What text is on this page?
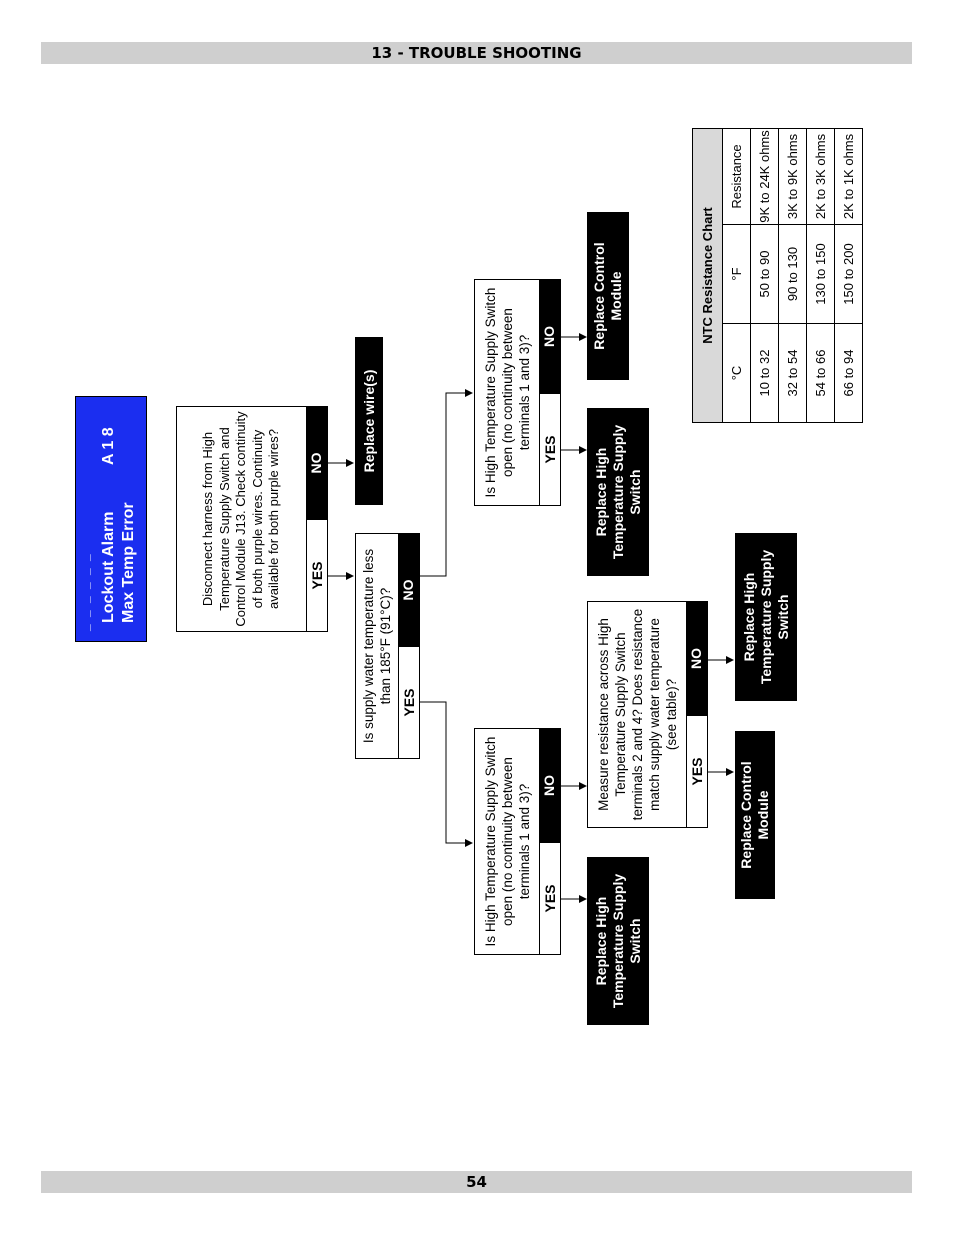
13 - TROUBLE SHOOTING
_ _ _ _ _ _ Lockout Alarm
A 1 8
Max Temp Error	Disconnect harness from High Temperature Supply Switch and Control Module J13. Check continuity of both purple wires. Continuity available for both purple wires?	YES
NO	Replace wire(s)
Is supply water temperature less than 185°F (91°C)? YES
NO
Is High Temperature Supply Switch open (no continuity between terminals 1 and 3)? YES
NO Replace Control Module
Replace High Temperature Supply Switch
Is High Temperature Supply Switch open (no continuity between terminals 1 and 3)? YES
NO
Replace High Temperature Supply Switch
Measure resistance across High Temperature Supply Switch terminals 2 and 4? Does resistance match supply water temperature (see table)?
YES
NO
Replace Control Module
Replace High Temperature Supply Switch
NTC Resistance Chart		
°C	°F	Resistance
10 to 32	50 to 90	9K to 24K ohms
32 to 54	90 to 130	3K to 9K ohms
54 to 66	130 to 150	2K to 3K ohms
66 to 94	150 to 200	2K to 1K ohms
54
